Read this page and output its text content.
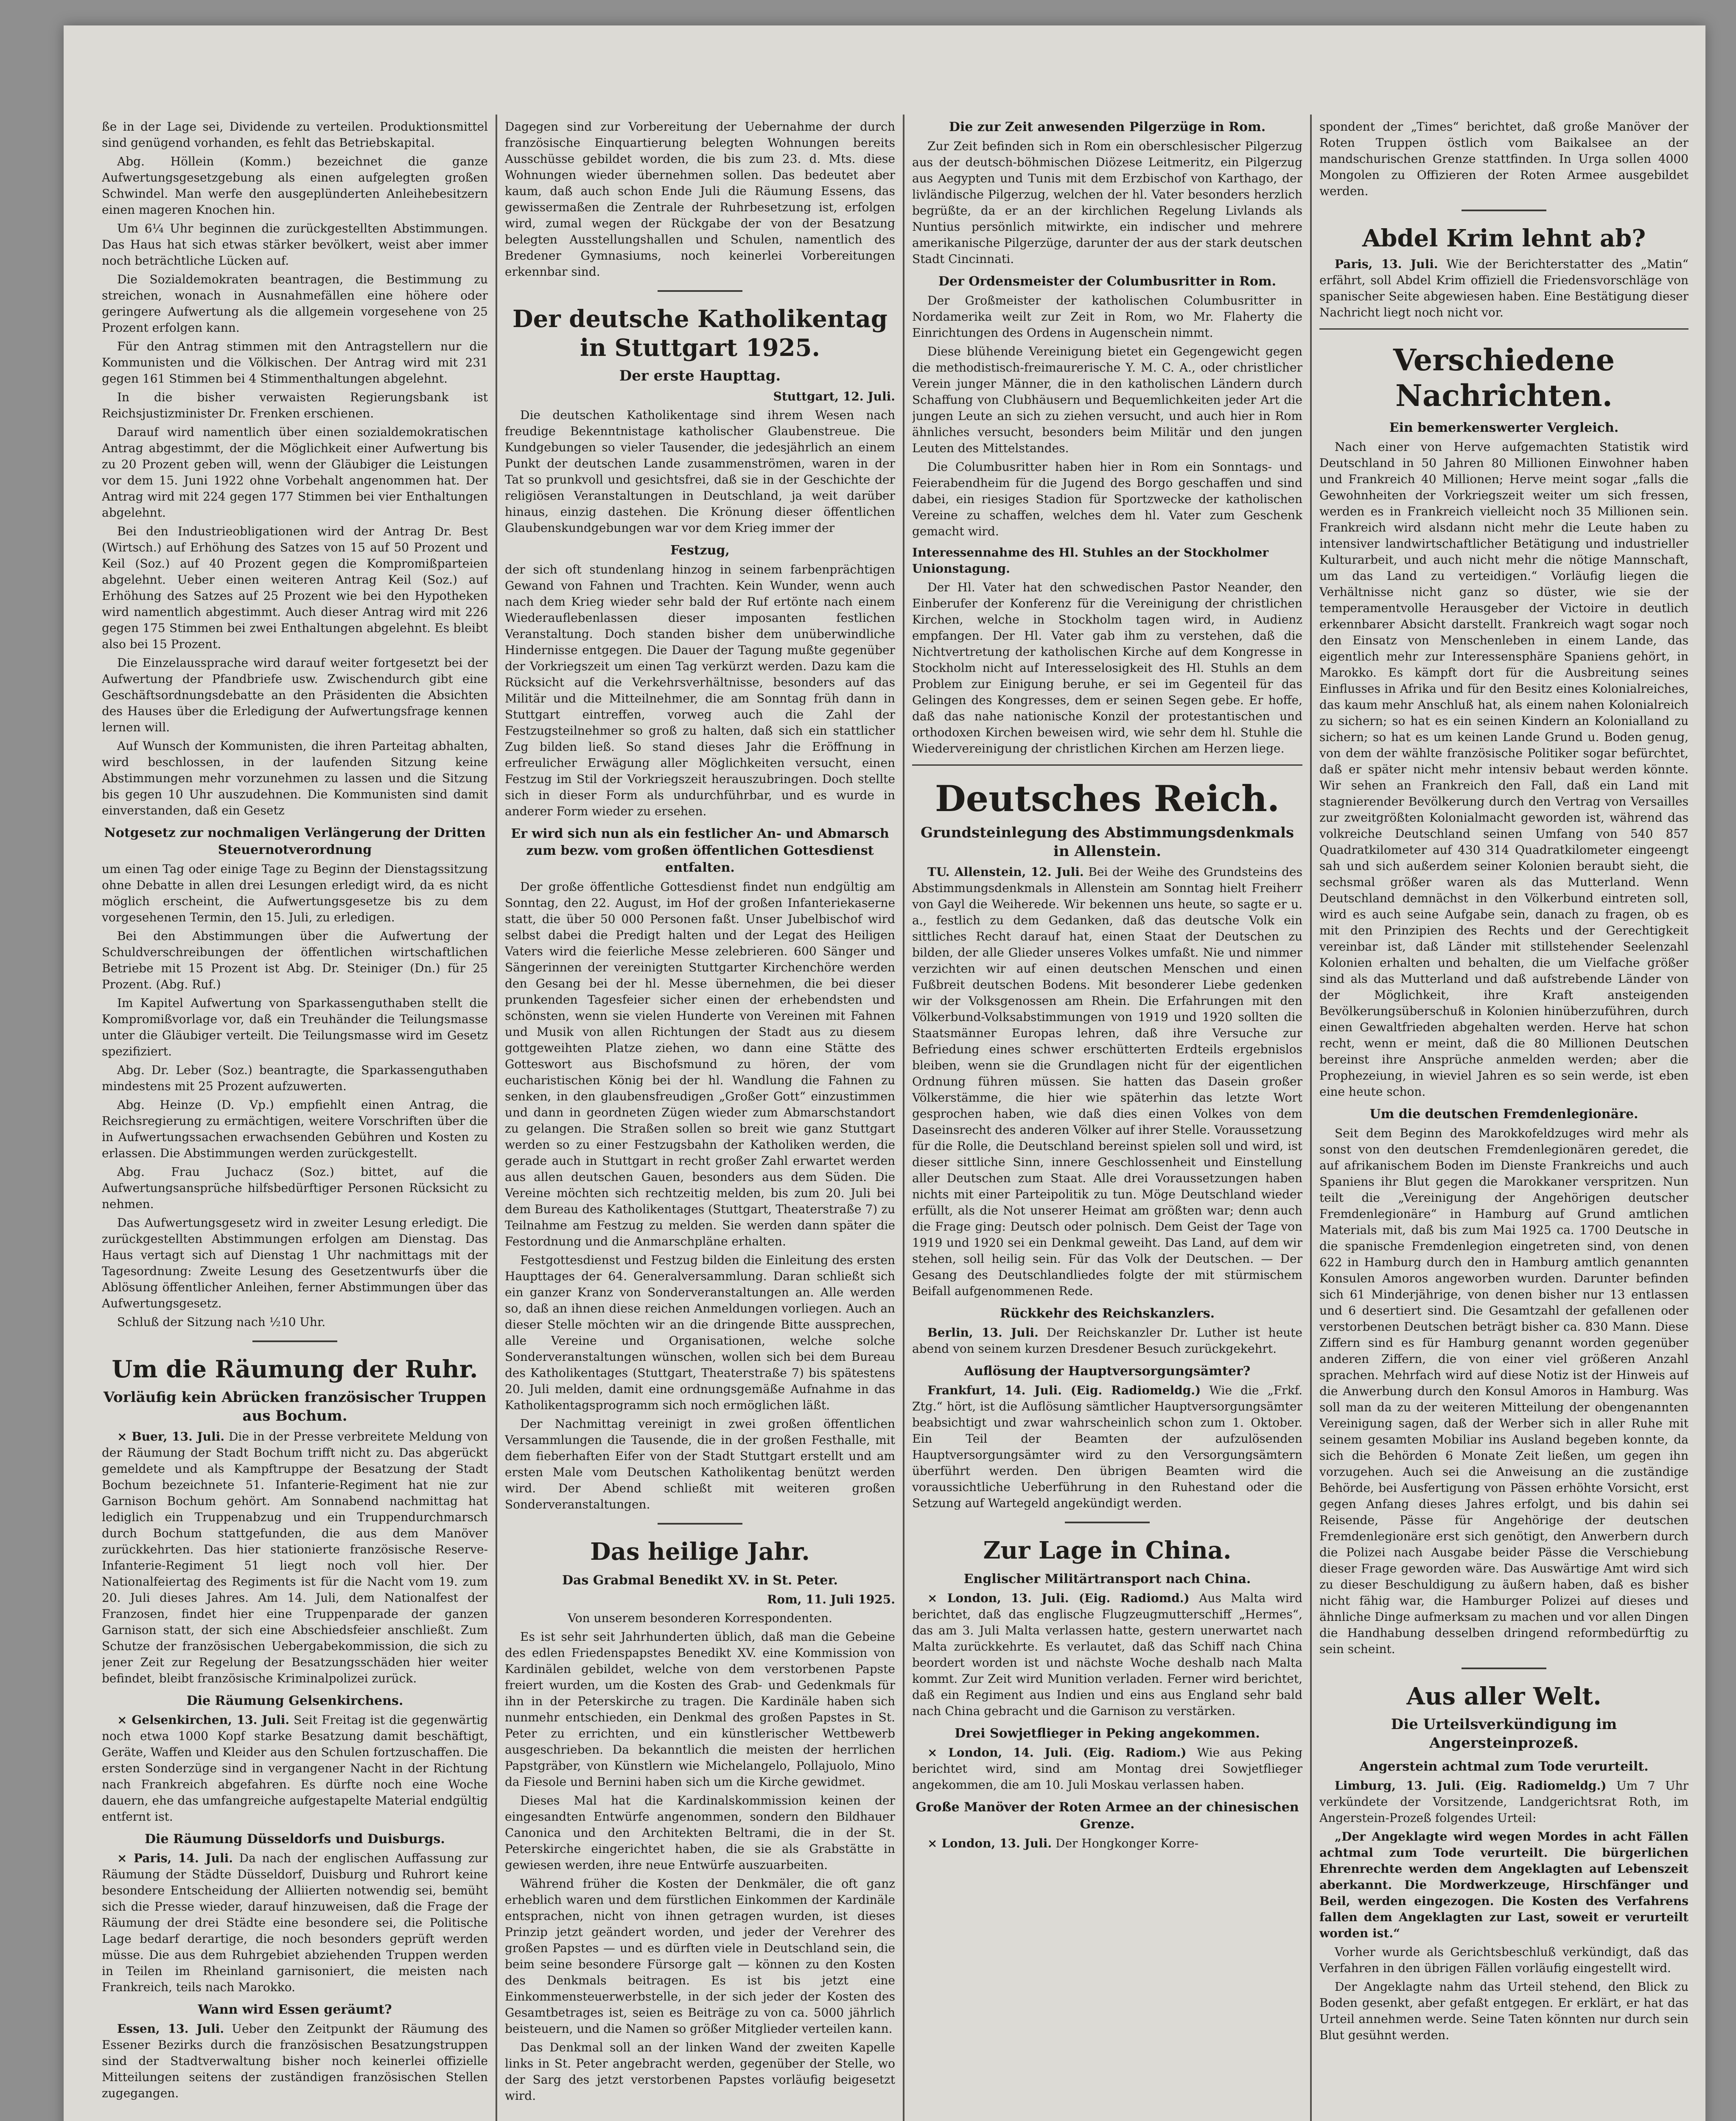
ße in der Lage sei, Dividende zu verteilen. Produktionsmittel sind genügend vorhanden, es fehlt das Betriebskapital.

Abg. Höllein (Komm.) bezeichnet die ganze Aufwertungsgesetzgebung als einen aufgelegten großen Schwindel. Man werfe den ausgeplünderten Anleihebesitzern einen mageren Knochen hin.

Um 6¼ Uhr beginnen die zurückgestellten Abstimmungen. Das Haus hat sich etwas stärker bevölkert, weist aber immer noch beträchtliche Lücken auf.

Die Sozialdemokraten beantragen, die Bestimmung zu streichen, wonach in Ausnahmefällen eine höhere oder geringere Aufwertung als die allgemein vorgesehene von 25 Prozent erfolgen kann.

Für den Antrag stimmen mit den Antragstellern nur die Kommunisten und die Völkischen. Der Antrag wird mit 231 gegen 161 Stimmen bei 4 Stimmenthaltungen abgelehnt.

In die bisher verwaisten Regierungsbank ist Reichsjustizminister Dr. Frenken erschienen.

Darauf wird namentlich über einen sozialdemokratischen Antrag abgestimmt, der die Möglichkeit einer Aufwertung bis zu 20 Prozent geben will, wenn der Gläubiger die Leistungen vor dem 15. Juni 1922 ohne Vorbehalt angenommen hat. Der Antrag wird mit 224 gegen 177 Stimmen bei vier Enthaltungen abgelehnt.

Bei den Industrieobligationen wird der Antrag Dr. Best (Wirtsch.) auf Erhöhung des Satzes von 15 auf 50 Prozent und Keil (Soz.) auf 40 Prozent gegen die Kompromißparteien abgelehnt. Ueber einen weiteren Antrag Keil (Soz.) auf Erhöhung des Satzes auf 25 Prozent wie bei den Hypotheken wird namentlich abgestimmt. Auch dieser Antrag wird mit 226 gegen 175 Stimmen bei zwei Enthaltungen abgelehnt. Es bleibt also bei 15 Prozent.

Die Einzelaussprache wird darauf weiter fortgesetzt bei der Aufwertung der Pfandbriefe usw. Zwischendurch gibt eine Geschäftsordnungsdebatte an den Präsidenten die Absichten des Hauses über die Erledigung der Aufwertungsfrage kennen lernen will.

Auf Wunsch der Kommunisten, die ihren Parteitag abhalten, wird beschlossen, in der laufenden Sitzung keine Abstimmungen mehr vorzunehmen zu lassen und die Sitzung bis gegen 10 Uhr auszudehnen. Die Kommunisten sind damit einverstanden, daß ein Gesetz

Notgesetz zur nochmaligen Verlängerung der Dritten Steuernotverordnung

um einen Tag oder einige Tage zu Beginn der Dienstagssitzung ohne Debatte in allen drei Lesungen erledigt wird, da es nicht möglich erscheint, die Aufwertungsgesetze bis zu dem vorgesehenen Termin, den 15. Juli, zu erledigen.

Bei den Abstimmungen über die Aufwertung der Schuldverschreibungen der öffentlichen wirtschaftlichen Betriebe mit 15 Prozent ist Abg. Dr. Steiniger (Dn.) für 25 Prozent. (Abg. Ruf.)

Im Kapitel Aufwertung von Sparkassenguthaben stellt die Kompromißvorlage vor, daß ein Treuhänder die Teilungsmasse unter die Gläubiger verteilt. Die Teilungsmasse wird im Gesetz spezifiziert.

Abg. Dr. Leber (Soz.) beantragte, die Sparkassenguthaben mindestens mit 25 Prozent aufzuwerten.

Abg. Heinze (D. Vp.) empfiehlt einen Antrag, die Reichsregierung zu ermächtigen, weitere Vorschriften über die in Aufwertungssachen erwachsenden Gebühren und Kosten zu erlassen. Die Abstimmungen werden zurückgestellt.

Abg. Frau Juchacz (Soz.) bittet, auf die Aufwertungsansprüche hilfsbedürftiger Personen Rücksicht zu nehmen.

Das Aufwertungsgesetz wird in zweiter Lesung erledigt. Die zurückgestellten Abstimmungen erfolgen am Dienstag. Das Haus vertagt sich auf Dienstag 1 Uhr nachmittags mit der Tagesordnung: Zweite Lesung des Gesetzentwurfs über die Ablösung öffentlicher Anleihen, ferner Abstimmungen über das Aufwertungsgesetz.

Schluß der Sitzung nach ½10 Uhr.

Um die Räumung der Ruhr.
Vorläufig kein Abrücken französischer Truppen aus Bochum.

× Buer, 13. Juli. Die in der Presse verbreitete Meldung von der Räumung der Stadt Bochum trifft nicht zu. Das abgerückt gemeldete und als Kampftruppe der Besatzung der Stadt Bochum bezeichnete 51. Infanterie-Regiment hat nie zur Garnison Bochum gehört. Am Sonnabend nachmittag hat lediglich ein Truppenabzug und ein Truppendurchmarsch durch Bochum stattgefunden, die aus dem Manöver zurückkehrten. Das hier stationierte französische Reserve-Infanterie-Regiment 51 liegt noch voll hier. Der Nationalfeiertag des Regiments ist für die Nacht vom 19. zum 20. Juli dieses Jahres. Am 14. Juli, dem Nationalfest der Franzosen, findet hier eine Truppenparade der ganzen Garnison statt, der sich eine Abschiedsfeier anschließt. Zum Schutze der französischen Uebergabekommission, die sich zu jener Zeit zur Regelung der Besatzungsschäden hier weiter befindet, bleibt französische Kriminalpolizei zurück.

Die Räumung Gelsenkirchens.

× Gelsenkirchen, 13. Juli. Seit Freitag ist die gegenwärtig noch etwa 1000 Kopf starke Besatzung damit beschäftigt, Geräte, Waffen und Kleider aus den Schulen fortzuschaffen. Die ersten Sonderzüge sind in vergangener Nacht in der Richtung nach Frankreich abgefahren. Es dürfte noch eine Woche dauern, ehe das umfangreiche aufgestapelte Material endgültig entfernt ist.

Die Räumung Düsseldorfs und Duisburgs.

× Paris, 14. Juli. Da nach der englischen Auffassung zur Räumung der Städte Düsseldorf, Duisburg und Ruhrort keine besondere Entscheidung der Alliierten notwendig sei, bemüht sich die Presse wieder, darauf hinzuweisen, daß die Frage der Räumung der drei Städte eine besondere sei, die Politische Lage bedarf derartige, die noch besonders geprüft werden müsse. Die aus dem Ruhrgebiet abziehenden Truppen werden in Teilen im Rheinland garnisoniert, die meisten nach Frankreich, teils nach Marokko.

Wann wird Essen geräumt?

Essen, 13. Juli. Ueber den Zeitpunkt der Räumung des Essener Bezirks durch die französischen Besatzungstruppen sind der Stadtverwaltung bisher noch keinerlei offizielle Mitteilungen seitens der zuständigen französischen Stellen zugegangen.

Dagegen sind zur Vorbereitung der Uebernahme der durch französische Einquartierung belegten Wohnungen bereits Ausschüsse gebildet worden, die bis zum 23. d. Mts. diese Wohnungen wieder übernehmen sollen. Das bedeutet aber kaum, daß auch schon Ende Juli die Räumung Essens, das gewissermaßen die Zentrale der Ruhrbesetzung ist, erfolgen wird, zumal wegen der Rückgabe der von der Besatzung belegten Ausstellungshallen und Schulen, namentlich des Bredener Gymnasiums, noch keinerlei Vorbereitungen erkennbar sind.

Der deutsche Katholikentag in Stuttgart 1925.
Der erste Haupttag.

Stuttgart, 12. Juli.

Die deutschen Katholikentage sind ihrem Wesen nach freudige Bekenntnistage katholischer Glaubenstreue. Die Kundgebungen so vieler Tausender, die jedesjährlich an einem Punkt der deutschen Lande zusammenströmen, waren in der Tat so prunkvoll und gesichtsfrei, daß sie in der Geschichte der religiösen Veranstaltungen in Deutschland, ja weit darüber hinaus, einzig dastehen. Die Krönung dieser öffentlichen Glaubenskundgebungen war vor dem Krieg immer der

Festzug,

der sich oft stundenlang hinzog in seinem farbenprächtigen Gewand von Fahnen und Trachten. Kein Wunder, wenn auch nach dem Krieg wieder sehr bald der Ruf ertönte nach einem Wiederauflebenlassen dieser imposanten festlichen Veranstaltung. Doch standen bisher dem unüberwindliche Hindernisse entgegen. Die Dauer der Tagung mußte gegenüber der Vorkriegszeit um einen Tag verkürzt werden. Dazu kam die Rücksicht auf die Verkehrsverhältnisse, besonders auf das Militär und die Mitteilnehmer, die am Sonntag früh dann in Stuttgart eintreffen, vorweg auch die Zahl der Festzugsteilnehmer so groß zu halten, daß sich ein stattlicher Zug bilden ließ. So stand dieses Jahr die Eröffnung in erfreulicher Erwägung aller Möglichkeiten versucht, einen Festzug im Stil der Vorkriegszeit herauszubringen. Doch stellte sich in dieser Form als undurchführbar, und es wurde in anderer Form wieder zu ersehen.

Er wird sich nun als ein festlicher An- und Abmarsch zum bezw. vom großen öffentlichen Gottesdienst entfalten.

Der große öffentliche Gottesdienst findet nun endgültig am Sonntag, den 22. August, im Hof der großen Infanteriekaserne statt, die über 50 000 Personen faßt. Unser Jubelbischof wird selbst dabei die Predigt halten und der Legat des Heiligen Vaters wird die feierliche Messe zelebrieren. 600 Sänger und Sängerinnen der vereinigten Stuttgarter Kirchenchöre werden den Gesang bei der hl. Messe übernehmen, die bei dieser prunkenden Tagesfeier sicher einen der erhebendsten und schönsten, wenn sie vielen Hunderte von Vereinen mit Fahnen und Musik von allen Richtungen der Stadt aus zu diesem gottgeweihten Platze ziehen, wo dann eine Stätte des Gotteswort aus Bischofsmund zu hören, der vom eucharistischen König bei der hl. Wandlung die Fahnen zu senken, in den glaubensfreudigen „Großer Gott“ einzustimmen und dann in geordneten Zügen wieder zum Abmarschstandort zu gelangen. Die Straßen sollen so breit wie ganz Stuttgart werden so zu einer Festzugsbahn der Katholiken werden, die gerade auch in Stuttgart in recht großer Zahl erwartet werden aus allen deutschen Gauen, besonders aus dem Süden. Die Vereine möchten sich rechtzeitig melden, bis zum 20. Juli bei dem Bureau des Katholikentages (Stuttgart, Theaterstraße 7) zu Teilnahme am Festzug zu melden. Sie werden dann später die Festordnung und die Anmarschpläne erhalten.

Festgottesdienst und Festzug bilden die Einleitung des ersten Haupttages der 64. Generalversammlung. Daran schließt sich ein ganzer Kranz von Sonderveranstaltungen an. Alle werden so, daß an ihnen diese reichen Anmeldungen vorliegen. Auch an dieser Stelle möchten wir an die dringende Bitte aussprechen, alle Vereine und Organisationen, welche solche Sonderveranstaltungen wünschen, wollen sich bei dem Bureau des Katholikentages (Stuttgart, Theaterstraße 7) bis spätestens 20. Juli melden, damit eine ordnungsgemäße Aufnahme in das Katholikentagsprogramm sich noch ermöglichen läßt.

Der Nachmittag vereinigt in zwei großen öffentlichen Versammlungen die Tausende, die in der großen Festhalle, mit dem fieberhaften Eifer von der Stadt Stuttgart erstellt und am ersten Male vom Deutschen Katholikentag benützt werden wird. Der Abend schließt mit weiteren großen Sonderveranstaltungen.

Das heilige Jahr.
Das Grabmal Benedikt XV. in St. Peter.

Rom, 11. Juli 1925.

Von unserem besonderen Korrespondenten.

Es ist sehr seit Jahrhunderten üblich, daß man die Gebeine des edlen Friedenspapstes Benedikt XV. eine Kommission von Kardinälen gebildet, welche von dem verstorbenen Papste freiert wurden, um die Kosten des Grab- und Gedenkmals für ihn in der Peterskirche zu tragen. Die Kardinäle haben sich nunmehr entschieden, ein Denkmal des großen Papstes in St. Peter zu errichten, und ein künstlerischer Wettbewerb ausgeschrieben. Da bekanntlich die meisten der herrlichen Papstgräber, von Künstlern wie Michelangelo, Pollajuolo, Mino da Fiesole und Bernini haben sich um die Kirche gewidmet.

Dieses Mal hat die Kardinalskommission keinen der eingesandten Entwürfe angenommen, sondern den Bildhauer Canonica und den Architekten Beltrami, die in der St. Peterskirche eingerichtet haben, die sie als Grabstätte in gewiesen werden, ihre neue Entwürfe auszuarbeiten.

Während früher die Kosten der Denkmäler, die oft ganz erheblich waren und dem fürstlichen Einkommen der Kardinäle entsprachen, nicht von ihnen getragen wurden, ist dieses Prinzip jetzt geändert worden, und jeder der Verehrer des großen Papstes — und es dürften viele in Deutschland sein, die beim seine besondere Fürsorge galt — können zu den Kosten des Denkmals beitragen. Es ist bis jetzt eine Einkommensteuerwerbstelle, in der sich jeder der Kosten des Gesamtbetrages ist, seien es Beiträge zu von ca. 5000 jährlich beisteuern, und die Namen so größer Mitglieder verteilen kann.

Das Denkmal soll an der linken Wand der zweiten Kapelle links in St. Peter angebracht werden, gegenüber der Stelle, wo der Sarg des jetzt verstorbenen Papstes vorläufig beigesetzt wird.

Die zur Zeit anwesenden Pilgerzüge in Rom.

Zur Zeit befinden sich in Rom ein oberschlesischer Pilgerzug aus der deutsch-böhmischen Diözese Leitmeritz, ein Pilgerzug aus Aegypten und Tunis mit dem Erzbischof von Karthago, der livländische Pilgerzug, welchen der hl. Vater besonders herzlich begrüßte, da er an der kirchlichen Regelung Livlands als Nuntius persönlich mitwirkte, ein indischer und mehrere amerikanische Pilgerzüge, darunter der aus der stark deutschen Stadt Cincinnati.

Der Ordensmeister der Columbusritter in Rom.

Der Großmeister der katholischen Columbusritter in Nordamerika weilt zur Zeit in Rom, wo Mr. Flaherty die Einrichtungen des Ordens in Augenschein nimmt.

Diese blühende Vereinigung bietet ein Gegengewicht gegen die methodistisch-freimaurerische Y. M. C. A., oder christlicher Verein junger Männer, die in den katholischen Ländern durch Schaffung von Clubhäusern und Bequemlichkeiten jeder Art die jungen Leute an sich zu ziehen versucht, und auch hier in Rom ähnliches versucht, besonders beim Militär und den jungen Leuten des Mittelstandes.

Die Columbusritter haben hier in Rom ein Sonntags- und Feierabendheim für die Jugend des Borgo geschaffen und sind dabei, ein riesiges Stadion für Sportzwecke der katholischen Vereine zu schaffen, welches dem hl. Vater zum Geschenk gemacht wird.

Interessennahme des Hl. Stuhles an der Stockholmer Unionstagung.

Der Hl. Vater hat den schwedischen Pastor Neander, den Einberufer der Konferenz für die Vereinigung der christlichen Kirchen, welche in Stockholm tagen wird, in Audienz empfangen. Der Hl. Vater gab ihm zu verstehen, daß die Nichtvertretung der katholischen Kirche auf dem Kongresse in Stockholm nicht auf Interesselosigkeit des Hl. Stuhls an dem Problem zur Einigung beruhe, er sei im Gegenteil für das Gelingen des Kongresses, dem er seinen Segen gebe. Er hoffe, daß das nahe nationische Konzil der protestantischen und orthodoxen Kirchen beweisen wird, wie sehr dem hl. Stuhle die Wiedervereinigung der christlichen Kirchen am Herzen liege.

Deutsches Reich.
Grundsteinlegung des Abstimmungsdenkmals in Allenstein.

TU. Allenstein, 12. Juli. Bei der Weihe des Grundsteins des Abstimmungsdenkmals in Allenstein am Sonntag hielt Freiherr von Gayl die Weiherede. Wir bekennen uns heute, so sagte er u. a., festlich zu dem Gedanken, daß das deutsche Volk ein sittliches Recht darauf hat, einen Staat der Deutschen zu bilden, der alle Glieder unseres Volkes umfaßt. Nie und nimmer verzichten wir auf einen deutschen Menschen und einen Fußbreit deutschen Bodens. Mit besonderer Liebe gedenken wir der Volksgenossen am Rhein. Die Erfahrungen mit den Völkerbund-Volksabstimmungen von 1919 und 1920 sollten die Staatsmänner Europas lehren, daß ihre Versuche zur Befriedung eines schwer erschütterten Erdteils ergebnislos bleiben, wenn sie die Grundlagen nicht für der eigentlichen Ordnung führen müssen. Sie hatten das Dasein großer Völkerstämme, die hier wie späterhin das letzte Wort gesprochen haben, wie daß dies einen Volkes von dem Daseinsrecht des anderen Völker auf ihrer Stelle. Voraussetzung für die Rolle, die Deutschland bereinst spielen soll und wird, ist dieser sittliche Sinn, innere Geschlossenheit und Einstellung aller Deutschen zum Staat. Alle drei Voraussetzungen haben nichts mit einer Parteipolitik zu tun. Möge Deutschland wieder erfüllt, als die Not unserer Heimat am größten war; denn auch die Frage ging: Deutsch oder polnisch. Dem Geist der Tage von 1919 und 1920 sei ein Denkmal geweiht. Das Land, auf dem wir stehen, soll heilig sein. Für das Volk der Deutschen. — Der Gesang des Deutschlandliedes folgte der mit stürmischem Beifall aufgenommenen Rede.

Rückkehr des Reichskanzlers.

Berlin, 13. Juli. Der Reichskanzler Dr. Luther ist heute abend von seinem kurzen Dresdener Besuch zurückgekehrt.

Auflösung der Hauptversorgungsämter?

Frankfurt, 14. Juli. (Eig. Radiomeldg.) Wie die „Frkf. Ztg.“ hört, ist die Auflösung sämtlicher Hauptversorgungsämter beabsichtigt und zwar wahrscheinlich schon zum 1. Oktober. Ein Teil der Beamten der aufzulösenden Hauptversorgungsämter wird zu den Versorgungsämtern überführt werden. Den übrigen Beamten wird die voraussichtliche Ueberführung in den Ruhestand oder die Setzung auf Wartegeld angekündigt werden.

Zur Lage in China.
Englischer Militärtransport nach China.

× London, 13. Juli. (Eig. Radiomd.) Aus Malta wird berichtet, daß das englische Flugzeugmutterschiff „Hermes“, das am 3. Juli Malta verlassen hatte, gestern unerwartet nach Malta zurückkehrte. Es verlautet, daß das Schiff nach China beordert worden ist und nächste Woche deshalb nach Malta kommt. Zur Zeit wird Munition verladen. Ferner wird berichtet, daß ein Regiment aus Indien und eins aus England sehr bald nach China gebracht und die Garnison zu verstärken.

Drei Sowjetflieger in Peking angekommen.

× London, 14. Juli. (Eig. Radiom.) Wie aus Peking berichtet wird, sind am Montag drei Sowjetflieger angekommen, die am 10. Juli Moskau verlassen haben.

Große Manöver der Roten Armee an der chinesischen Grenze.

× London, 13. Juli. Der Hongkonger Korre-

spondent der „Times“ berichtet, daß große Manöver der Roten Truppen östlich vom Baikalsee an der mandschurischen Grenze stattfinden. In Urga sollen 4000 Mongolen zu Offizieren der Roten Armee ausgebildet werden.

Abdel Krim lehnt ab?

Paris, 13. Juli. Wie der Berichterstatter des „Matin“ erfährt, soll Abdel Krim offiziell die Friedensvorschläge von spanischer Seite abgewiesen haben. Eine Bestätigung dieser Nachricht liegt noch nicht vor.

Verschiedene Nachrichten.
Ein bemerkenswerter Vergleich.

Nach einer von Herve aufgemachten Statistik wird Deutschland in 50 Jahren 80 Millionen Einwohner haben und Frankreich 40 Millionen; Herve meint sogar „falls die Gewohnheiten der Vorkriegszeit weiter um sich fressen, werden es in Frankreich vielleicht noch 35 Millionen sein. Frankreich wird alsdann nicht mehr die Leute haben zu intensiver landwirtschaftlicher Betätigung und industrieller Kulturarbeit, und auch nicht mehr die nötige Mannschaft, um das Land zu verteidigen.“ Vorläufig liegen die Verhältnisse nicht ganz so düster, wie sie der temperamentvolle Herausgeber der Victoire in deutlich erkennbarer Absicht darstellt. Frankreich wagt sogar noch den Einsatz von Menschenleben in einem Lande, das eigentlich mehr zur Interessensphäre Spaniens gehört, in Marokko. Es kämpft dort für die Ausbreitung seines Einflusses in Afrika und für den Besitz eines Kolonialreiches, das kaum mehr Anschluß hat, als einem nahen Kolonialreich zu sichern; so hat es ein seinen Kindern an Kolonialland zu sichern; so hat es um keinen Lande Grund u. Boden genug, von dem der wählte französische Politiker sogar befürchtet, daß er später nicht mehr intensiv bebaut werden könnte. Wir sehen an Frankreich den Fall, daß ein Land mit stagnierender Bevölkerung durch den Vertrag von Versailles zur zweitgrößten Kolonialmacht geworden ist, während das volkreiche Deutschland seinen Umfang von 540 857 Quadratkilometer auf 430 314 Quadratkilometer eingeengt sah und sich außerdem seiner Kolonien beraubt sieht, die sechsmal größer waren als das Mutterland. Wenn Deutschland demnächst in den Völkerbund eintreten soll, wird es auch seine Aufgabe sein, danach zu fragen, ob es mit den Prinzipien des Rechts und der Gerechtigkeit vereinbar ist, daß Länder mit stillstehender Seelenzahl Kolonien erhalten und behalten, die um Vielfache größer sind als das Mutterland und daß aufstrebende Länder von der Möglichkeit, ihre Kraft ansteigenden Bevölkerungsüberschuß in Kolonien hinüberzuführen, durch einen Gewaltfrieden abgehalten werden. Herve hat schon recht, wenn er meint, daß die 80 Millionen Deutschen bereinst ihre Ansprüche anmelden werden; aber die Prophezeiung, in wieviel Jahren es so sein werde, ist eben eine heute schon.

Um die deutschen Fremdenlegionäre.

Seit dem Beginn des Marokkofeldzuges wird mehr als sonst von den deutschen Fremdenlegionären geredet, die auf afrikanischem Boden im Dienste Frankreichs und auch Spaniens ihr Blut gegen die Marokkaner verspritzen. Nun teilt die „Vereinigung der Angehörigen deutscher Fremdenlegionäre“ in Hamburg auf Grund amtlichen Materials mit, daß bis zum Mai 1925 ca. 1700 Deutsche in die spanische Fremdenlegion eingetreten sind, von denen 622 in Hamburg durch den in Hamburg amtlich genannten Konsulen Amoros angeworben wurden. Darunter befinden sich 61 Minderjährige, von denen bisher nur 13 entlassen und 6 desertiert sind. Die Gesamtzahl der gefallenen oder verstorbenen Deutschen beträgt bisher ca. 830 Mann. Diese Ziffern sind es für Hamburg genannt worden gegenüber anderen Ziffern, die von einer viel größeren Anzahl sprachen. Mehrfach wird auf diese Notiz ist der Hinweis auf die Anwerbung durch den Konsul Amoros in Hamburg. Was soll man da zu der weiteren Mitteilung der obengenannten Vereinigung sagen, daß der Werber sich in aller Ruhe mit seinem gesamten Mobiliar ins Ausland begeben konnte, da sich die Behörden 6 Monate Zeit ließen, um gegen ihn vorzugehen. Auch sei die Anweisung an die zuständige Behörde, bei Ausfertigung von Pässen erhöhte Vorsicht, erst gegen Anfang dieses Jahres erfolgt, und bis dahin sei Reisende, Pässe für Angehörige der deutschen Fremdenlegionäre erst sich genötigt, den Anwerbern durch die Polizei nach Ausgabe beider Pässe die Verschiebung dieser Frage geworden wäre. Das Auswärtige Amt wird sich zu dieser Beschuldigung zu äußern haben, daß es bisher nicht fähig war, die Hamburger Polizei auf dieses und ähnliche Dinge aufmerksam zu machen und vor allen Dingen die Handhabung desselben dringend reformbedürftig zu sein scheint.

Aus aller Welt.
Die Urteilsverkündigung im Angersteinprozeß.
Angerstein achtmal zum Tode verurteilt.

Limburg, 13. Juli. (Eig. Radiomeldg.) Um 7 Uhr verkündete der Vorsitzende, Landgerichtsrat Roth, im Angerstein-Prozeß folgendes Urteil:

„Der Angeklagte wird wegen Mordes in acht Fällen achtmal zum Tode verurteilt. Die bürgerlichen Ehrenrechte werden dem Angeklagten auf Lebenszeit aberkannt. Die Mordwerkzeuge, Hirschfänger und Beil, werden eingezogen. Die Kosten des Verfahrens fallen dem Angeklagten zur Last, soweit er verurteilt worden ist.“

Vorher wurde als Gerichtsbeschluß verkündigt, daß das Verfahren in den übrigen Fällen vorläufig eingestellt wird.

Der Angeklagte nahm das Urteil stehend, den Blick zu Boden gesenkt, aber gefaßt entgegen. Er erklärt, er hat das Urteil annehmen werde. Seine Taten könnten nur durch sein Blut gesühnt werden.
